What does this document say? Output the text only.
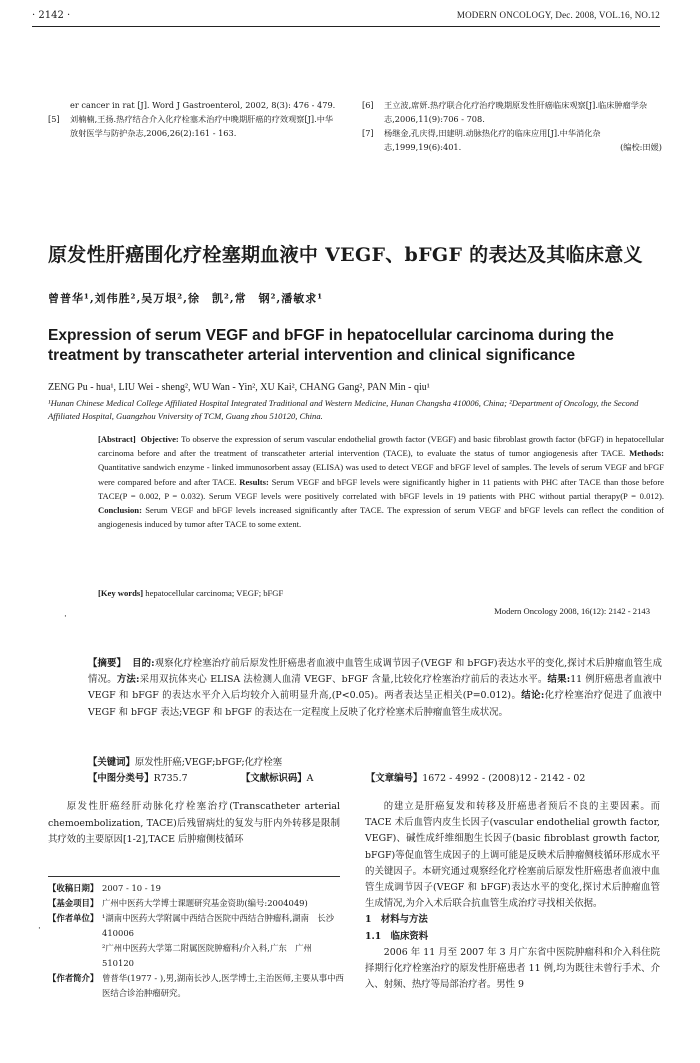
· 2142 ·	MODERN ONCOLOGY, Dec. 2008, VOL.16, NO.12
er cancer in rat [J]. Word J Gastroenterol, 2002, 8(3): 476 - 479.
[5]	刘楠楠,王扬.热疗结合介入化疗栓塞术治疗中晚期肝癌的疗效观察[J].中华放射医学与防护杂志,2006,26(2):161 - 163.
[6]	王立波,席妍.热疗联合化疗治疗晚期原发性肝癌临床观察[J].临床肿瘤学杂志,2006,11(9):706 - 708.
[7]	杨继金,孔庆得,田建明.动脉热化疗的临床应用[J].中华消化杂志,1999,19(6):401.	(编校:田媛)
原发性肝癌围化疗栓塞期血液中 VEGF、bFGF 的表达及其临床意义
曾普华¹,刘伟胜²,吴万垠²,徐　凯²,常　钢²,潘敏求¹
Expression of serum VEGF and bFGF in hepatocellular carcinoma during the treatment by transcatheter arterial intervention and clinical significance
ZENG Pu - hua¹, LIU Wei - sheng², WU Wan - Yin², XU Kai², CHANG Gang², PAN Min - qiu¹
¹Hunan Chinese Medical College Affiliated Hospital Integrated Traditional and Western Medicine, Hunan Changsha 410006, China; ²Department of Oncology, the Second Affiliated Hospital, Guangzhou Vniversity of TCM, Guang zhou 510120, China.
[Abstract] Objective: To observe the expression of serum vascular endothelial growth factor (VEGF) and basic fibroblast growth factor (bFGF) in hepatocellular carcinoma before and after the treatment of transcatheter arterial intervention (TACE), to evaluate the status of tumor angiogenesis after TACE. Methods: Quantitative sandwich enzyme - linked immunosorbent assay (ELISA) was used to detect VEGF and bFGF level of samples. The levels of serum VEGF and bFGF were compared before and after TACE. Results: Serum VEGF and bFGF levels were significantly higher in 11 patients with PHC after TACE than those before TACE(P = 0.002, P = 0.032). Serum VEGF levels were positively correlated with bFGF levels in 19 patients with PHC without partial therapy(P = 0.012). Conclusion: Serum VEGF and bFGF levels increased significantly after TACE. The expression of serum VEGF and bFGF levels can reflect the condition of angiogenesis induced by tumor after TACE to some extent.
[Key words] hepatocellular carcinoma; VEGF; bFGF
·
Modern Oncology 2008, 16(12): 2142 - 2143
【摘要】 目的:观察化疗栓塞治疗前后原发性肝癌患者血液中血管生成调节因子(VEGF 和 bFGF)表达水平的变化,探讨术后肿瘤血管生成情况。方法:采用双抗体夹心 ELISA 法检测人血清 VEGF、bFGF 含量,比较化疗栓塞治疗前后的表达水平。结果:11 例肝癌患者血液中 VEGF 和 bFGF 的表达水平介入后均较介入前明显升高,(P<0.05)。两者表达呈正相关(P=0.012)。结论:化疗栓塞治疗促进了血液中 VEGF 和 bFGF 表达;VEGF 和 bFGF 的表达在一定程度上反映了化疗栓塞术后肿瘤血管生成状况。
【关键词】原发性肝癌;VEGF;bFGF;化疗栓塞
【中图分类号】R735.7	【文献标识码】A	【文章编号】1672 - 4992 - (2008)12 - 2142 - 02
原发性肝癌经肝动脉化疗栓塞治疗(Transcatheter arterial chemoembolization, TACE)后残留病灶的复发与肝内外转移是限制其疗效的主要原因[1-2],TACE 后肿瘤侧枝循环

的建立是肝癌复发和转移及肝癌患者预后不良的主要因素。而 TACE 术后血管内皮生长因子(vascular endothelial growth factor, VEGF)、碱性成纤维细胞生长因子(basic fibroblast growth factor, bFGF)等促血管生成因子的上调可能是反映术后肿瘤侧枝循环形成水平的关键因子。本研究通过观察经化疗栓塞前后原发性肝癌患者血液中血管生成调节因子(VEGF 和 bFGF)表达水平的变化,探讨术后肿瘤血管生成情况,为介入术后联合抗血管生成治疗寻找相关依据。

1　材料与方法

1.1　临床资料

2006 年 11 月至 2007 年 3 月广东省中医院肿瘤科和介入科住院择期行化疗栓塞治疗的原发性肝癌患者 11 例,均为既往未曾行手术、介入、射频、热疗等局部治疗者。男性 9

【收稿日期】 2007 - 10 - 19
【基金项目】 广州中医药大学博士课题研究基金资助(编号:2004049)
【作者单位】 ¹湖南中医药大学附属中西结合医院中西结合肿瘤科,湖南　长沙　410006
²广州中医药大学第二附属医院肿瘤科/介入科,广东　广州　510120
【作者简介】 曾普华(1977 - ),男,湖南长沙人,医学博士,主治医师,主要从事中西医结合诊治肿瘤研究。
·
